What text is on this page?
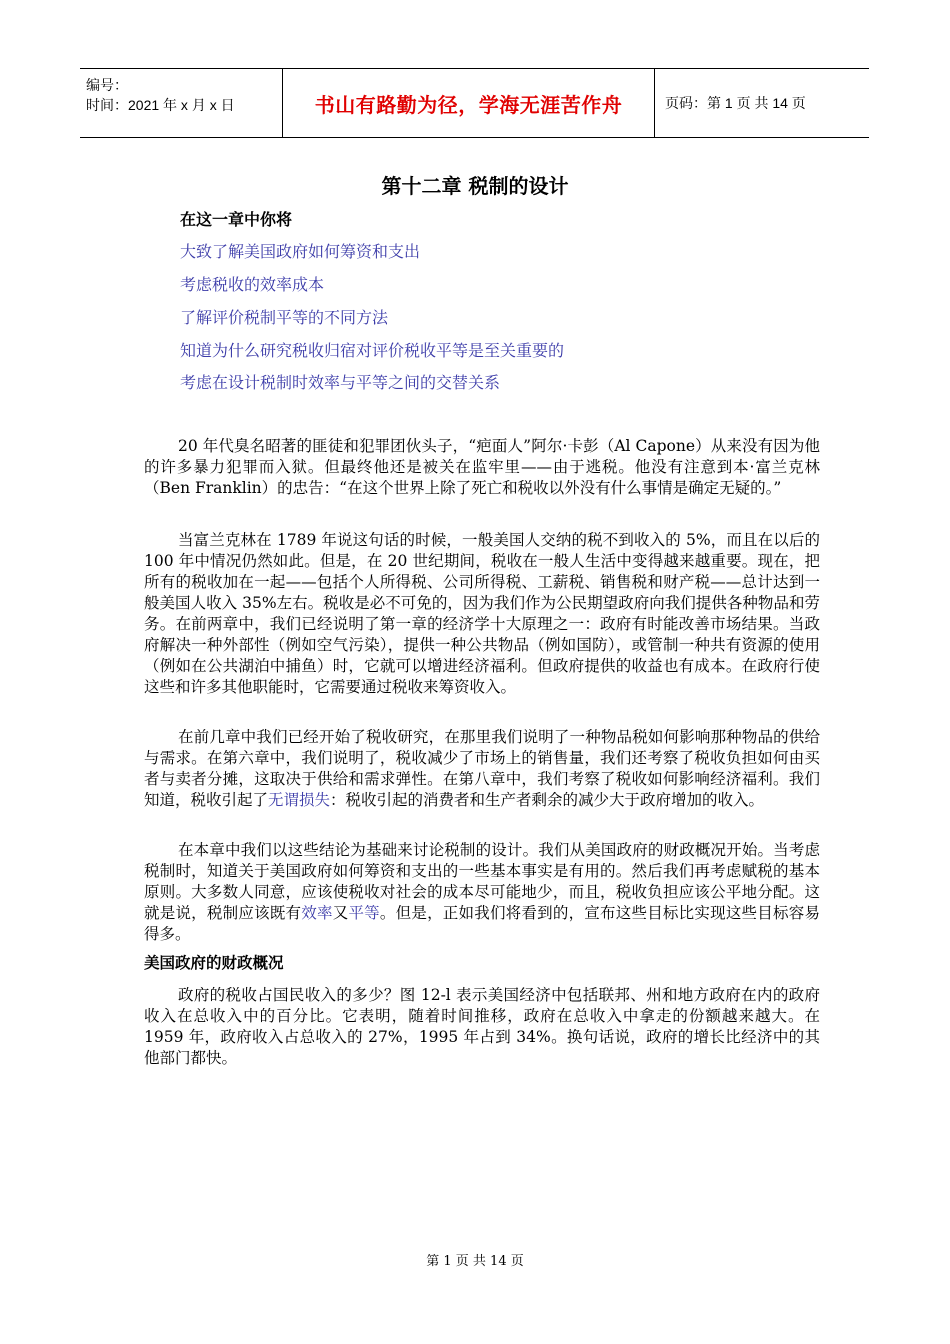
编号：
时间：2021 年 x 月 x 日	书山有路勤为径，学海无涯苦作舟	页码：第 1 页 共 14 页
第十二章 税制的设计
在这一章中你将
大致了解美国政府如何筹资和支出
考虑税收的效率成本
了解评价税制平等的不同方法
知道为什么研究税收归宿对评价税收平等是至关重要的
考虑在设计税制时效率与平等之间的交替关系
20 年代臭名昭著的匪徒和犯罪团伙头子，“疤面人”阿尔·卡彭（Al Capone）从来没有因为他的许多暴力犯罪而入狱。但最终他还是被关在监牢里——由于逃税。他没有注意到本·富兰克林（Ben Franklin）的忠告：“在这个世界上除了死亡和税收以外没有什么事情是确定无疑的。”
当富兰克林在 1789 年说这句话的时候，一般美国人交纳的税不到收入的 5%，而且在以后的 100 年中情况仍然如此。但是，在 20 世纪期间，税收在一般人生活中变得越来越重要。现在，把所有的税收加在一起——包括个人所得税、公司所得税、工薪税、销售税和财产税——总计达到一般美国人收入 35%左右。税收是必不可免的，因为我们作为公民期望政府向我们提供各种物品和劳务。在前两章中，我们已经说明了第一章的经济学十大原理之一：政府有时能改善市场结果。当政府解决一种外部性（例如空气污染），提供一种公共物品（例如国防），或管制一种共有资源的使用（例如在公共湖泊中捕鱼）时，它就可以增进经济福利。但政府提供的收益也有成本。在政府行使这些和许多其他职能时，它需要通过税收来筹资收入。
在前几章中我们已经开始了税收研究，在那里我们说明了一种物品税如何影响那种物品的供给与需求。在第六章中，我们说明了，税收减少了市场上的销售量，我们还考察了税收负担如何由买者与卖者分摊，这取决于供给和需求弹性。在第八章中，我们考察了税收如何影响经济福利。我们知道，税收引起了无谓损失：税收引起的消费者和生产者剩余的减少大于政府增加的收入。
在本章中我们以这些结论为基础来讨论税制的设计。我们从美国政府的财政概况开始。当考虑税制时，知道关于美国政府如何筹资和支出的一些基本事实是有用的。然后我们再考虑赋税的基本原则。大多数人同意，应该使税收对社会的成本尽可能地少，而且，税收负担应该公平地分配。这就是说，税制应该既有效率又平等。但是，正如我们将看到的，宣布这些目标比实现这些目标容易得多。
美国政府的财政概况
政府的税收占国民收入的多少？图 12-l 表示美国经济中包括联邦、州和地方政府在内的政府收入在总收入中的百分比。它表明，随着时间推移，政府在总收入中拿走的份额越来越大。在 1959 年，政府收入占总收入的 27%，1995 年占到 34%。换句话说，政府的增长比经济中的其他部门都快。
第 1 页 共 14 页
